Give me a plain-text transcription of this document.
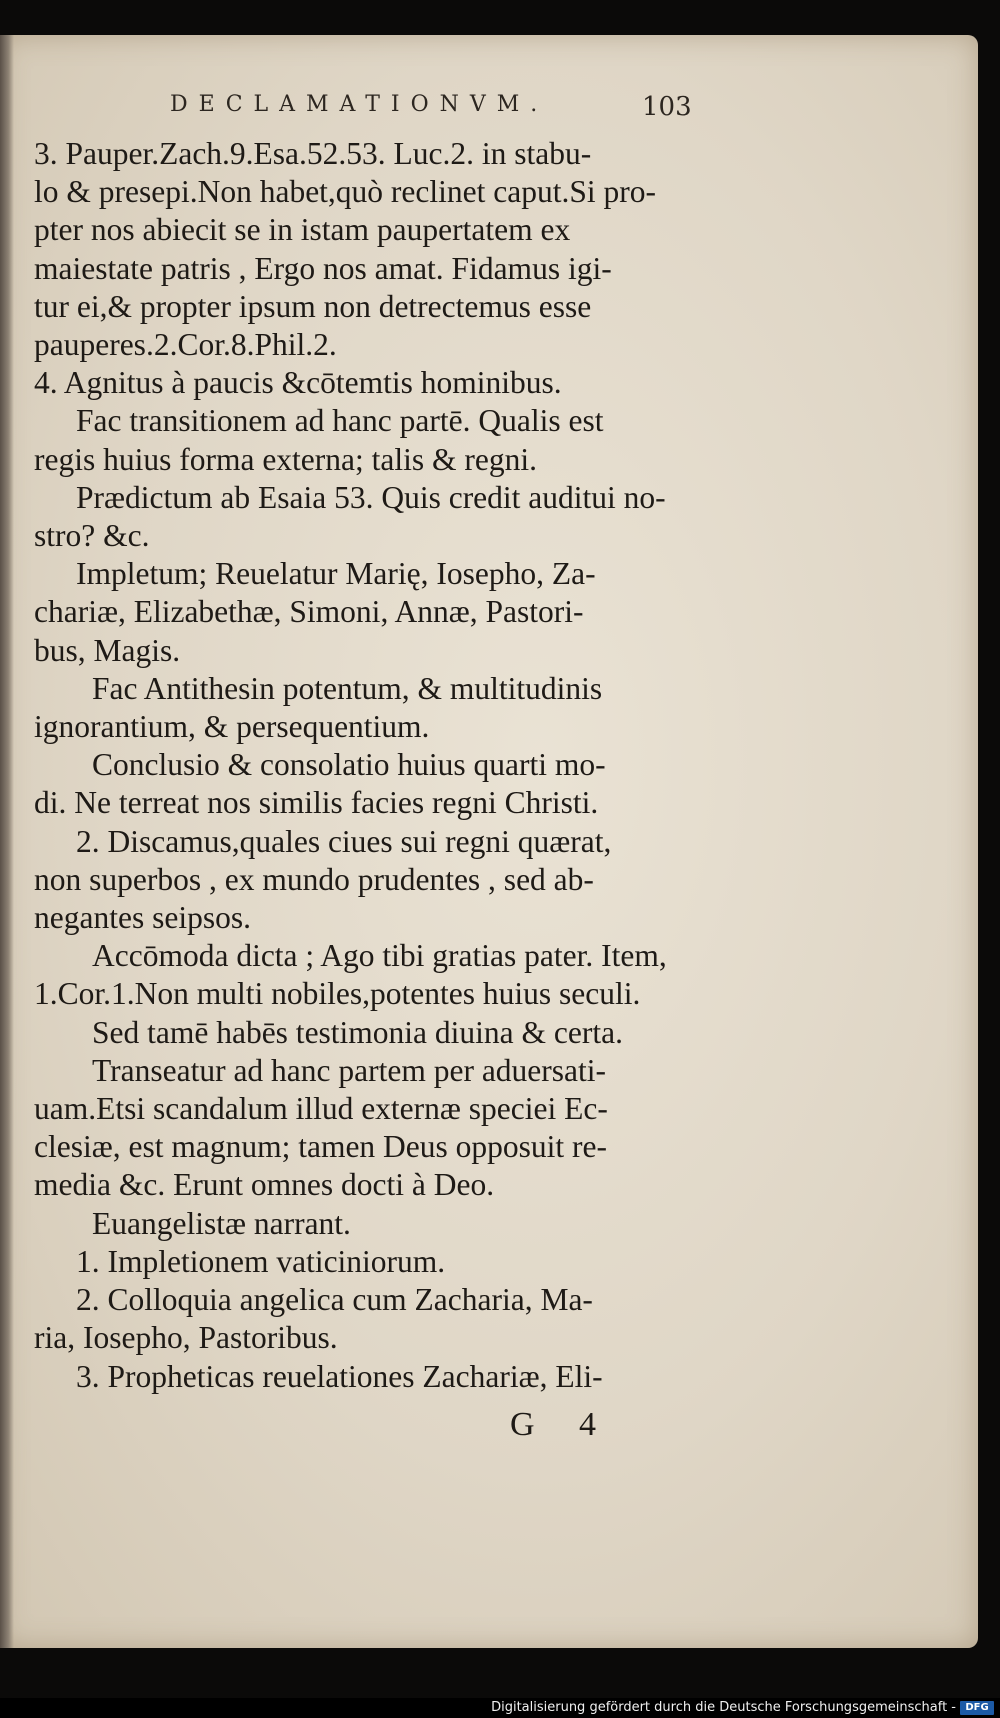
DECLAMATIONVM.	103
3. Pauper.Zach.9.Esa.52.53. Luc.2. in stabu-
lo & presepi.Non habet,quò reclinet caput.Si pro-
pter nos abiecit se in istam paupertatem ex
maiestate patris , Ergo nos amat. Fidamus igi-
tur ei,& propter ipsum non detrectemus esse
pauperes.2.Cor.8.Phil.2.
4. Agnitus à paucis &cōtemtis hominibus.
Fac transitionem ad hanc partē. Qualis est
regis huius forma externa; talis & regni.
Prædictum ab Esaia 53. Quis credit auditui no-
stro? &c.
Impletum; Reuelatur Marię, Iosepho, Za-
chariæ, Elizabethæ, Simoni, Annæ, Pastori-
bus, Magis.
Fac Antithesin potentum, & multitudinis
ignorantium, & persequentium.
Conclusio & consolatio huius quarti mo-
di. Ne terreat nos similis facies regni Christi.
2. Discamus,quales ciues sui regni quærat,
non superbos , ex mundo prudentes , sed ab-
negantes seipsos.
Accōmoda dicta ; Ago tibi gratias pater. Item,
1.Cor.1.Non multi nobiles,potentes huius seculi.
Sed tamē habēs testimonia diuina & certa.
Transeatur ad hanc partem per aduersati-
uam.Etsi scandalum illud externæ speciei Ec-
clesiæ, est magnum; tamen Deus opposuit re-
media &c. Erunt omnes docti à Deo.
Euangelistæ narrant.
1. Impletionem vaticiniorum.
2. Colloquia angelica cum Zacharia, Ma-
ria, Iosepho, Pastoribus.
3. Propheticas reuelationes Zachariæ, Eli-
G 4
Digitalisierung gefördert durch die Deutsche Forschungsgemeinschaft - DFG
